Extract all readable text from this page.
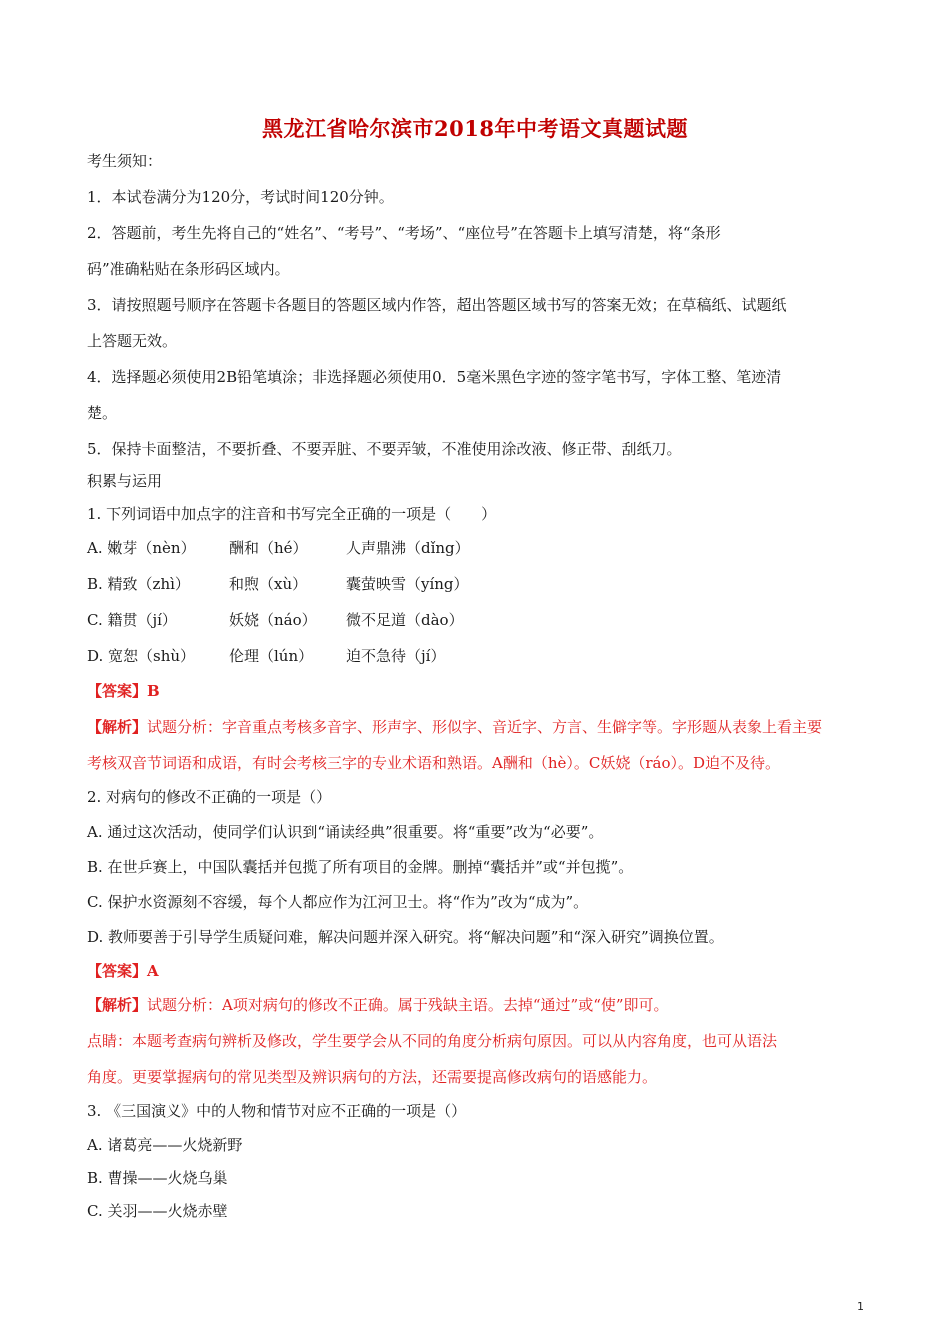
黑龙江省哈尔滨市2018年中考语文真题试题
考生须知：
1．本试卷满分为120分，考试时间120分钟。
2．答题前，考生先将自己的“姓名”、“考号”、“考场”、“座位号”在答题卡上填写清楚，将“条形
码”准确粘贴在条形码区域内。
3．请按照题号顺序在答题卡各题目的答题区域内作答，超出答题区域书写的答案无效；在草稿纸、试题纸
上答题无效。
4．选择题必须使用2B铅笔填涂；非选择题必须使用0．5毫米黑色字迹的签字笔书写，字体工整、笔迹清
楚。
5．保持卡面整洁，不要折叠、不要弄脏、不要弄皱，不准使用涂改液、修正带、刮纸刀。
积累与运用
1. 下列词语中加点字的注音和书写完全正确的一项是（　　）
A. 嫩芽（nèn） 酬和（hé）	人声鼎沸（dǐng）
B. 精致（zhì）	和煦（xù）	囊萤映雪（yíng）
C. 籍贯（jí）	妖娆（náo） 微不足道（dào）
D. 宽恕（shù） 伦理（lún） 迫不急待（jí）
【答案】B
【解析】试题分析：字音重点考核多音字、形声字、形似字、音近字、方言、生僻字等。字形题从表象上看主要
考核双音节词语和成语，有时会考核三字的专业术语和熟语。A酬和（hè）。C妖娆（ráo）。D迫不及待。
2. 对病句的修改不正确的一项是（）
A. 通过这次活动，使同学们认识到“诵读经典”很重要。将“重要”改为“必要”。
B. 在世乒赛上，中国队囊括并包揽了所有项目的金牌。删掉“囊括并”或“并包揽”。
C. 保护水资源刻不容缓，每个人都应作为江河卫士。将“作为”改为“成为”。
D. 教师要善于引导学生质疑问难，解决问题并深入研究。将“解决问题”和“深入研究”调换位置。
【答案】A
【解析】试题分析：A项对病句的修改不正确。属于残缺主语。去掉“通过”或“使”即可。
点睛：本题考查病句辨析及修改，学生要学会从不同的角度分析病句原因。可以从内容角度，也可从语法
角度。更要掌握病句的常见类型及辨识病句的方法，还需要提高修改病句的语感能力。
3. 《三国演义》中的人物和情节对应不正确的一项是（）
A. 诸葛亮——火烧新野
B. 曹操——火烧乌巢
C. 关羽——火烧赤壁
1
